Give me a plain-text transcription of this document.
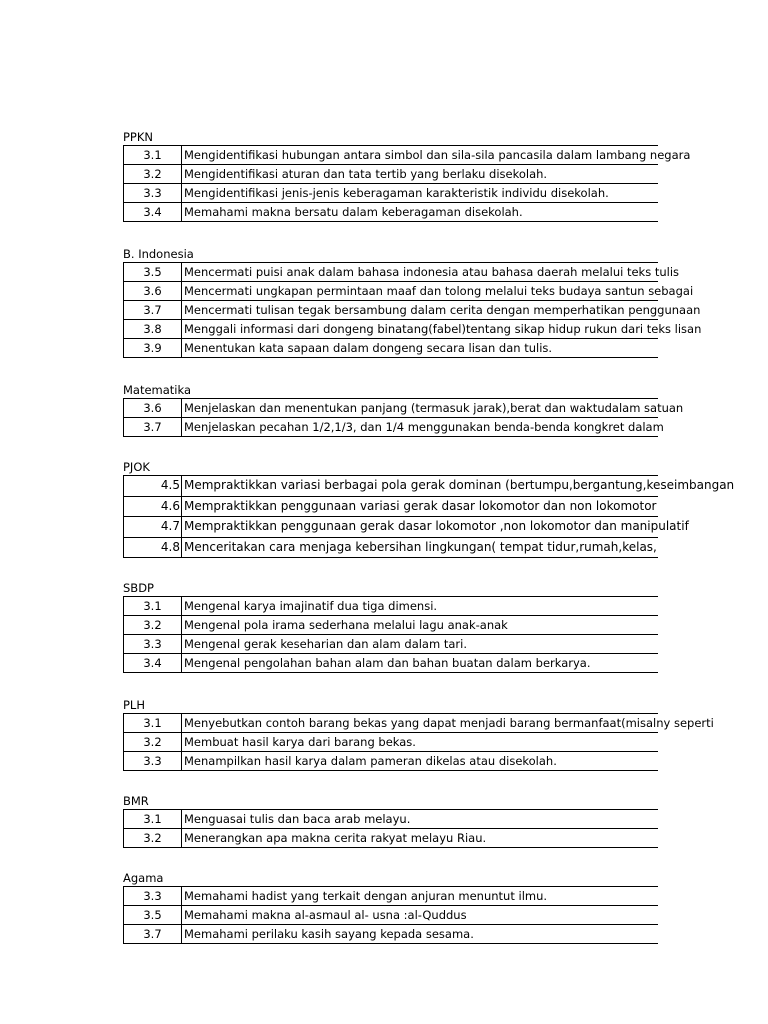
PPKN
3.1	Mengidentifikasi hubungan antara simbol dan sila-sila pancasila dalam lambang negara
3.2	Mengidentifikasi aturan dan tata tertib yang berlaku disekolah.
3.3	Mengidentifikasi jenis-jenis keberagaman karakteristik individu disekolah.
3.4	Memahami makna bersatu dalam keberagaman disekolah.
B. Indonesia
3.5	Mencermati puisi anak dalam bahasa indonesia atau bahasa daerah melalui teks tulis
3.6	Mencermati ungkapan permintaan maaf dan tolong melalui teks budaya santun sebagai
3.7	Mencermati tulisan tegak bersambung dalam cerita dengan memperhatikan penggunaan
3.8	Menggali informasi dari dongeng binatang(fabel)tentang sikap hidup rukun dari teks lisan
3.9	Menentukan kata sapaan dalam dongeng secara lisan dan tulis.
Matematika
3.6	Menjelaskan dan menentukan panjang (termasuk jarak),berat dan waktudalam satuan
3.7	Menjelaskan pecahan 1/2,1/3, dan 1/4 menggunakan benda-benda kongkret dalam
PJOK
4.5	Mempraktikkan variasi berbagai pola gerak dominan (bertumpu,bergantung,keseimbangan
4.6	Mempraktikkan penggunaan variasi gerak dasar lokomotor dan non lokomotor
4.7	Mempraktikkan penggunaan gerak dasar lokomotor ,non lokomotor dan manipulatif
4.8	Menceritakan cara menjaga kebersihan lingkungan( tempat tidur,rumah,kelas,
SBDP
3.1	Mengenal karya imajinatif dua tiga dimensi.
3.2	Mengenal pola irama sederhana melalui lagu anak-anak
3.3	Mengenal gerak keseharian dan alam dalam tari.
3.4	Mengenal pengolahan bahan alam dan bahan buatan dalam berkarya.
PLH
3.1	Menyebutkan contoh barang bekas yang dapat menjadi barang bermanfaat(misalny seperti
3.2	Membuat hasil karya dari barang bekas.
3.3	Menampilkan hasil karya dalam pameran dikelas atau disekolah.
BMR
3.1	Menguasai tulis dan baca arab melayu.
3.2	Menerangkan apa makna cerita rakyat melayu Riau.
Agama
3.3	Memahami hadist yang terkait dengan anjuran menuntut ilmu.
3.5	Memahami makna al-asmaul al- usna :al-Quddus
3.7	Memahami perilaku kasih sayang kepada sesama.
